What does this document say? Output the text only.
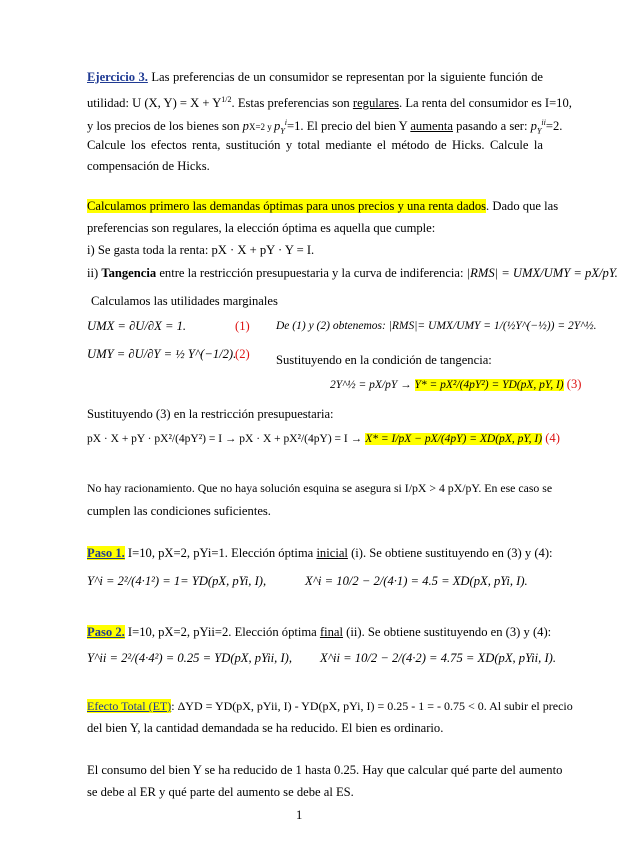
Ejercicio 3. Las preferencias de un consumidor se representan por la siguiente función de
utilidad: U (X, $Y) = X + Y^{1/2}$. Estas preferencias son regulares. La renta del consumidor es I=10,
y los precios de los bienes son pX=2 y $p_Y^i=1$. El precio del bien Y aumenta pasando a ser: $p_Y^{ii}=2$.
Calcule los efectos renta, sustitución y total mediante el método de Hicks. Calcule la
compensación de Hicks.
Calculamos primero las demandas óptimas para unos precios y una renta dados. Dado que las
preferencias son regulares, la elección óptima es aquella que cumple:
i) Se gasta toda la renta: pX · X + pY · Y = I.
ii) Tangencia entre la restricción presupuestaria y la curva de indiferencia: |RMS| = UMX/UMY = pX/pY.
Calculamos las utilidades marginales
UMX = ∂U/∂X = 1.	(1) De (1) y (2) obtenemos: |RMS|= UMX/UMY = 1/(½Y^(−½)) = 2Y^½.
UMY = ∂U/∂Y = ½ Y^(−1/2).
(2) Sustituyendo en la condición de tangencia:
2Y^½ = pX/pY → Y* = pX²/(4pY²) = YD(pX, pY, I) (3)
Sustituyendo (3) en la restricción presupuestaria:
pX · X + pY · pX²/(4pY²) = I → pX · X + pX²/(4pY) = I → X* = I/pX − pX/(4pY) = XD(pX, pY, I) (4)
No hay racionamiento. Que no haya solución esquina se asegura si I/pX > 4 pX/pY. En ese caso se
cumplen las condiciones suficientes.
Paso 1. I=10, pX=2, pYi=1. Elección óptima inicial (i). Se obtiene sustituyendo en (3) y (4):
Y^i = 2²/(4·1²) = 1= YD(pX, pYi, I),	X^i = 10/2 − 2/(4·1) = 4.5 = XD(pX, pYi, I).
Paso 2. I=10, pX=2, pYii=2. Elección óptima final (ii). Se obtiene sustituyendo en (3) y (4):
Y^ii = 2²/(4·4²) = 0.25 = YD(pX, pYii, I), X^ii = 10/2 − 2/(4·2) = 4.75 = XD(pX, pYii, I).
Efecto Total (ET): ΔYD = YD(pX, pYii, I) - YD(pX, pYi, I) = 0.25 - 1 = - 0.75 < 0. Al subir el precio
del bien Y, la cantidad demandada se ha reducido. El bien es ordinario.
El consumo del bien Y se ha reducido de 1 hasta 0.25. Hay que calcular qué parte del aumento
se debe al ER y qué parte del aumento se debe al ES.
1
